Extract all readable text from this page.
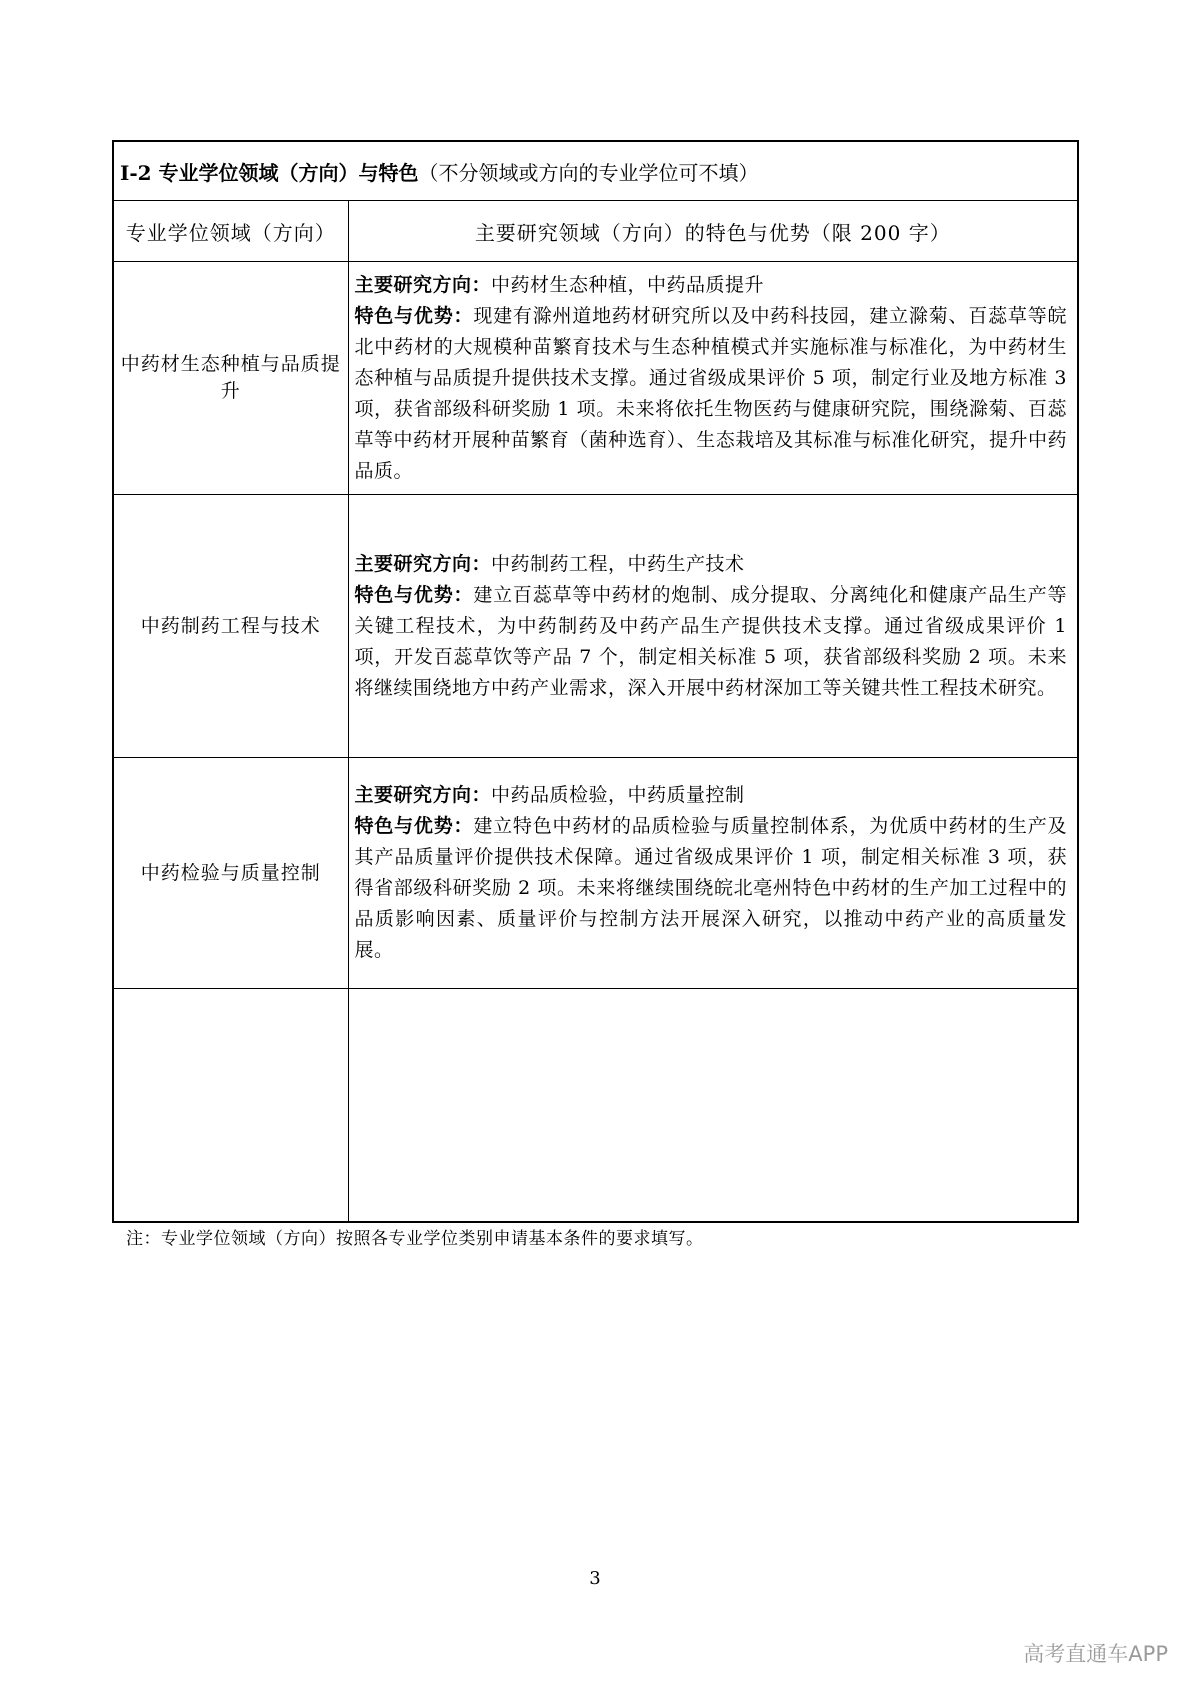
I-2 专业学位领域（方向）与特色（不分领域或方向的专业学位可不填）	
专业学位领域（方向）	主要研究领域（方向）的特色与优势（限 200 字）
中药材生态种植与品质提升	主要研究方向：中药材生态种植，中药品质提升
特色与优势：现建有滁州道地药材研究所以及中药科技园，建立滁菊、百蕊草等皖北中药材的大规模种苗繁育技术与生态种植模式并实施标准与标准化，为中药材生态种植与品质提升提供技术支撑。通过省级成果评价 5 项，制定行业及地方标准 3 项，获省部级科研奖励 1 项。未来将依托生物医药与健康研究院，围绕滁菊、百蕊草等中药材开展种苗繁育（菌种选育）、生态栽培及其标准与标准化研究，提升中药品质。
中药制药工程与技术	主要研究方向：中药制药工程，中药生产技术
特色与优势：建立百蕊草等中药材的炮制、成分提取、分离纯化和健康产品生产等关键工程技术，为中药制药及中药产品生产提供技术支撑。通过省级成果评价 1 项，开发百蕊草饮等产品 7 个，制定相关标准 5 项，获省部级科奖励 2 项。未来将继续围绕地方中药产业需求，深入开展中药材深加工等关键共性工程技术研究。
中药检验与质量控制	主要研究方向：中药品质检验，中药质量控制
特色与优势：建立特色中药材的品质检验与质量控制体系，为优质中药材的生产及其产品质量评价提供技术保障。通过省级成果评价 1 项，制定相关标准 3 项，获得省部级科研奖励 2 项。未来将继续围绕皖北亳州特色中药材的生产加工过程中的品质影响因素、质量评价与控制方法开展深入研究，以推动中药产业的高质量发展。

注：专业学位领域（方向）按照各专业学位类别申请基本条件的要求填写。
3
高考直通车APP
